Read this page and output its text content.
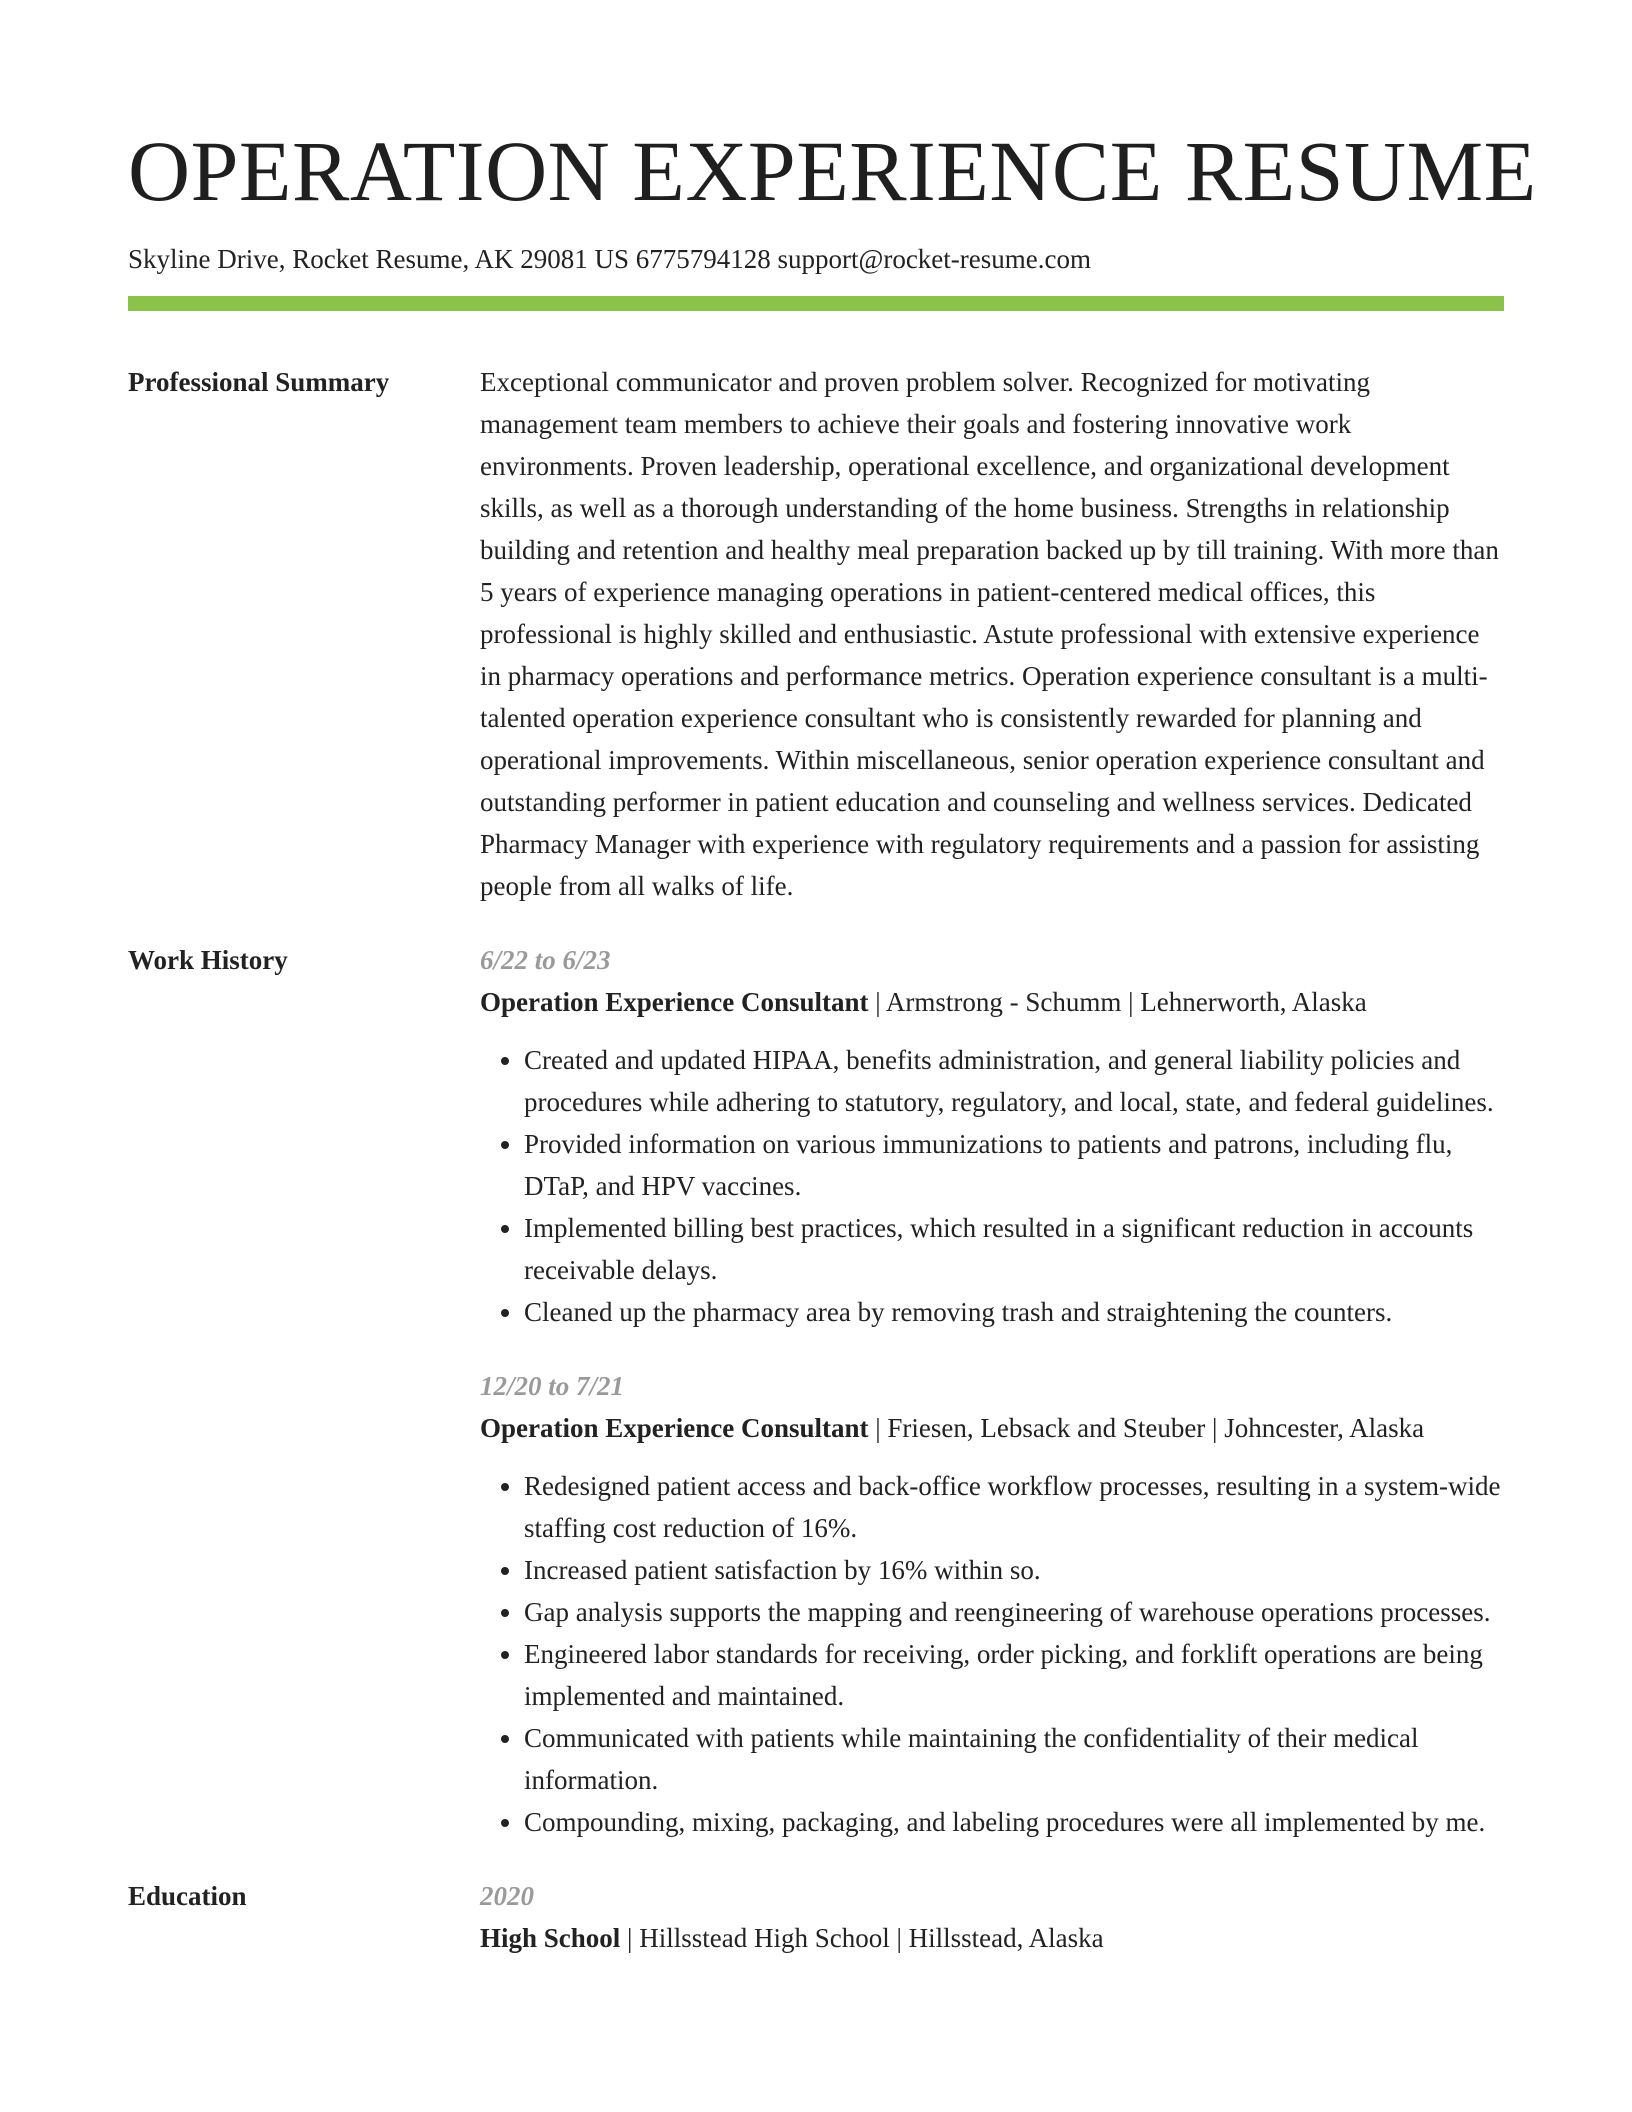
OPERATION EXPERIENCE RESUME
Skyline Drive, Rocket Resume, AK 29081 US 6775794128 support@rocket-resume.com
Professional Summary	Exceptional communicator and proven problem solver. Recognized for motivating management team members to achieve their goals and fostering innovative work environments. Proven leadership, operational excellence, and organizational development skills, as well as a thorough understanding of the home business. Strengths in relationship building and retention and healthy meal preparation backed up by till training. With more than 5 years of experience managing operations in patient-centered medical offices, this professional is highly skilled and enthusiastic. Astute professional with extensive experience in pharmacy operations and performance metrics. Operation experience consultant is a multi-talented operation experience consultant who is consistently rewarded for planning and operational improvements. Within miscellaneous, senior operation experience consultant and outstanding performer in patient education and counseling and wellness services. Dedicated Pharmacy Manager with experience with regulatory requirements and a passion for assisting people from all walks of life.
Work History	6/22 to 6/23
Operation Experience Consultant | Armstrong - Schumm | Lehnerworth, Alaska
• Created and updated HIPAA, benefits administration, and general liability policies and procedures while adhering to statutory, regulatory, and local, state, and federal guidelines.
• Provided information on various immunizations to patients and patrons, including flu, DTaP, and HPV vaccines.
• Implemented billing best practices, which resulted in a significant reduction in accounts receivable delays.
• Cleaned up the pharmacy area by removing trash and straightening the counters.
12/20 to 7/21
Operation Experience Consultant | Friesen, Lebsack and Steuber | Johncester, Alaska
• Redesigned patient access and back-office workflow processes, resulting in a system-wide staffing cost reduction of 16%.
• Increased patient satisfaction by 16% within so.
• Gap analysis supports the mapping and reengineering of warehouse operations processes.
• Engineered labor standards for receiving, order picking, and forklift operations are being implemented and maintained.
• Communicated with patients while maintaining the confidentiality of their medical information.
• Compounding, mixing, packaging, and labeling procedures were all implemented by me.
Education	2020
High School | Hillsstead High School | Hillsstead, Alaska
